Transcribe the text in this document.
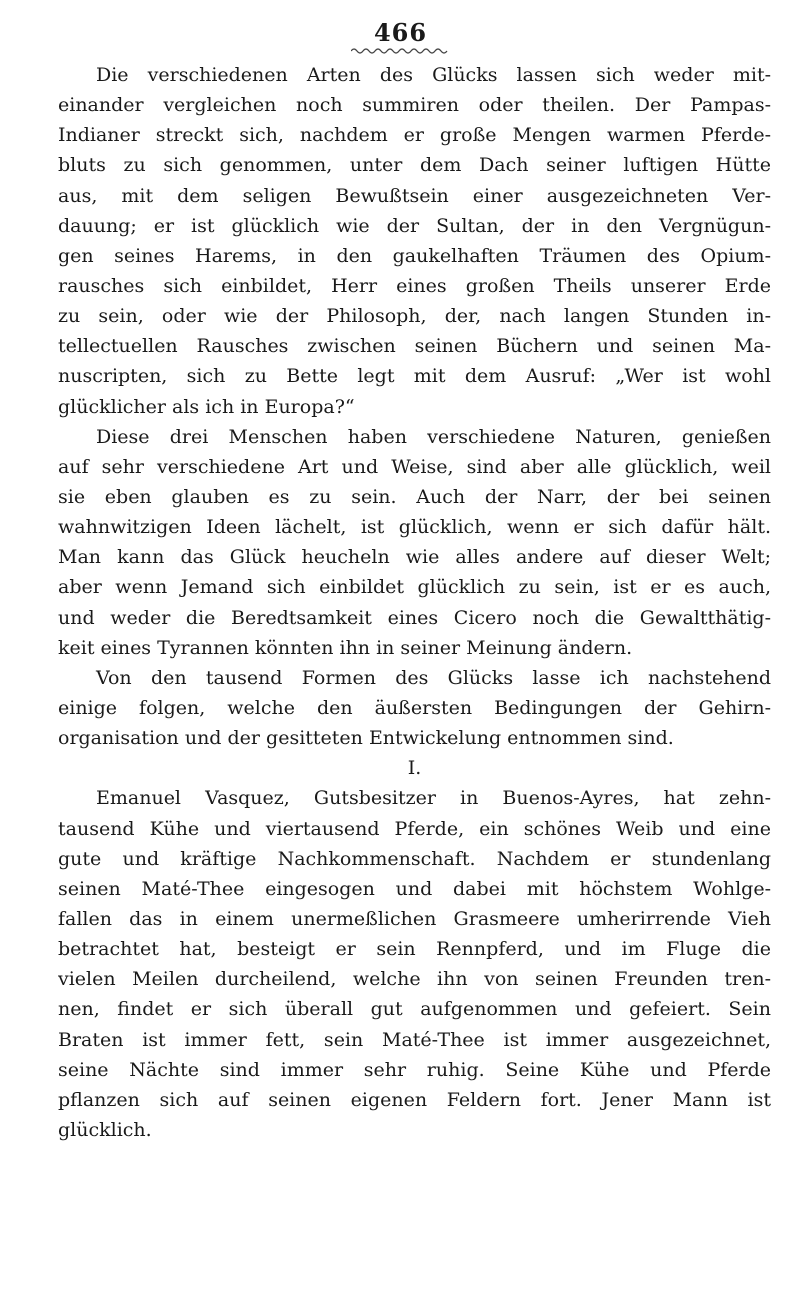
466
Die verschiedenen Arten des Glücks lassen sich weder mit-
einander vergleichen noch summiren oder theilen. Der Pampas-
Indianer streckt sich, nachdem er große Mengen warmen Pferde-
bluts zu sich genommen, unter dem Dach seiner luftigen Hütte
aus, mit dem seligen Bewußtsein einer ausgezeichneten Ver-
dauung; er ist glücklich wie der Sultan, der in den Vergnügun-
gen seines Harems, in den gaukelhaften Träumen des Opium-
rausches sich einbildet, Herr eines großen Theils unserer Erde
zu sein, oder wie der Philosoph, der, nach langen Stunden in-
tellectuellen Rausches zwischen seinen Büchern und seinen Ma-
nuscripten, sich zu Bette legt mit dem Ausruf: „Wer ist wohl
glücklicher als ich in Europa?“
Diese drei Menschen haben verschiedene Naturen, genießen
auf sehr verschiedene Art und Weise, sind aber alle glücklich, weil
sie eben glauben es zu sein. Auch der Narr, der bei seinen
wahnwitzigen Ideen lächelt, ist glücklich, wenn er sich dafür hält.
Man kann das Glück heucheln wie alles andere auf dieser Welt;
aber wenn Jemand sich einbildet glücklich zu sein, ist er es auch,
und weder die Beredtsamkeit eines Cicero noch die Gewaltthätig-
keit eines Tyrannen könnten ihn in seiner Meinung ändern.
Von den tausend Formen des Glücks lasse ich nachstehend
einige folgen, welche den äußersten Bedingungen der Gehirn-
organisation und der gesitteten Entwickelung entnommen sind.
I.
Emanuel Vasquez, Gutsbesitzer in Buenos-Ayres, hat zehn-
tausend Kühe und viertausend Pferde, ein schönes Weib und eine
gute und kräftige Nachkommenschaft. Nachdem er stundenlang
seinen Maté-Thee eingesogen und dabei mit höchstem Wohlge-
fallen das in einem unermeßlichen Grasmeere umherirrende Vieh
betrachtet hat, besteigt er sein Rennpferd, und im Fluge die
vielen Meilen durcheilend, welche ihn von seinen Freunden tren-
nen, findet er sich überall gut aufgenommen und gefeiert. Sein
Braten ist immer fett, sein Maté-Thee ist immer ausgezeichnet,
seine Nächte sind immer sehr ruhig. Seine Kühe und Pferde
pflanzen sich auf seinen eigenen Feldern fort. Jener Mann ist
glücklich.
